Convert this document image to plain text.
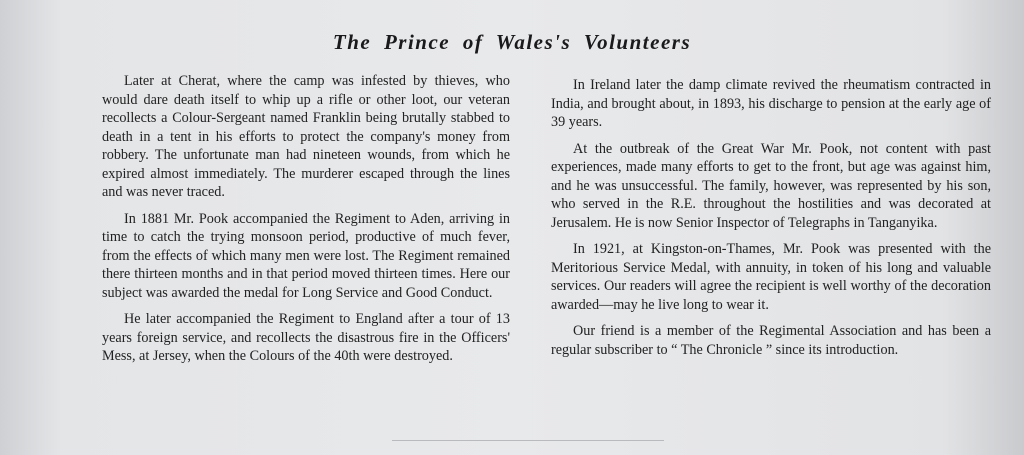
The Prince of Wales's Volunteers

Later at Cherat, where the camp was infested by thieves, who would dare death itself to whip up a rifle or other loot, our veteran recollects a Colour-Sergeant named Franklin being brutally stabbed to death in a tent in his efforts to protect the company's money from robbery. The unfortunate man had nineteen wounds, from which he expired almost immediately. The murderer escaped through the lines and was never traced.

In 1881 Mr. Pook accompanied the Regiment to Aden, arriving in time to catch the trying monsoon period, productive of much fever, from the effects of which many men were lost. The Regiment remained there thirteen months and in that period moved thirteen times. Here our subject was awarded the medal for Long Service and Good Conduct.

He later accompanied the Regiment to England after a tour of 13 years foreign service, and recollects the disastrous fire in the Officers' Mess, at Jersey, when the Colours of the 40th were destroyed.

In Ireland later the damp climate revived the rheumatism contracted in India, and brought about, in 1893, his discharge to pension at the early age of 39 years.

At the outbreak of the Great War Mr. Pook, not content with past experiences, made many efforts to get to the front, but age was against him, and he was unsuccessful. The family, however, was represented by his son, who served in the R.E. throughout the hostilities and was decorated at Jerusalem. He is now Senior Inspector of Telegraphs in Tanganyika.

In 1921, at Kingston-on-Thames, Mr. Pook was presented with the Meritorious Service Medal, with annuity, in token of his long and valuable services. Our readers will agree the recipient is well worthy of the decoration awarded—may he live long to wear it.

Our friend is a member of the Regimental Association and has been a regular subscriber to “ The Chronicle ” since its introduction.
